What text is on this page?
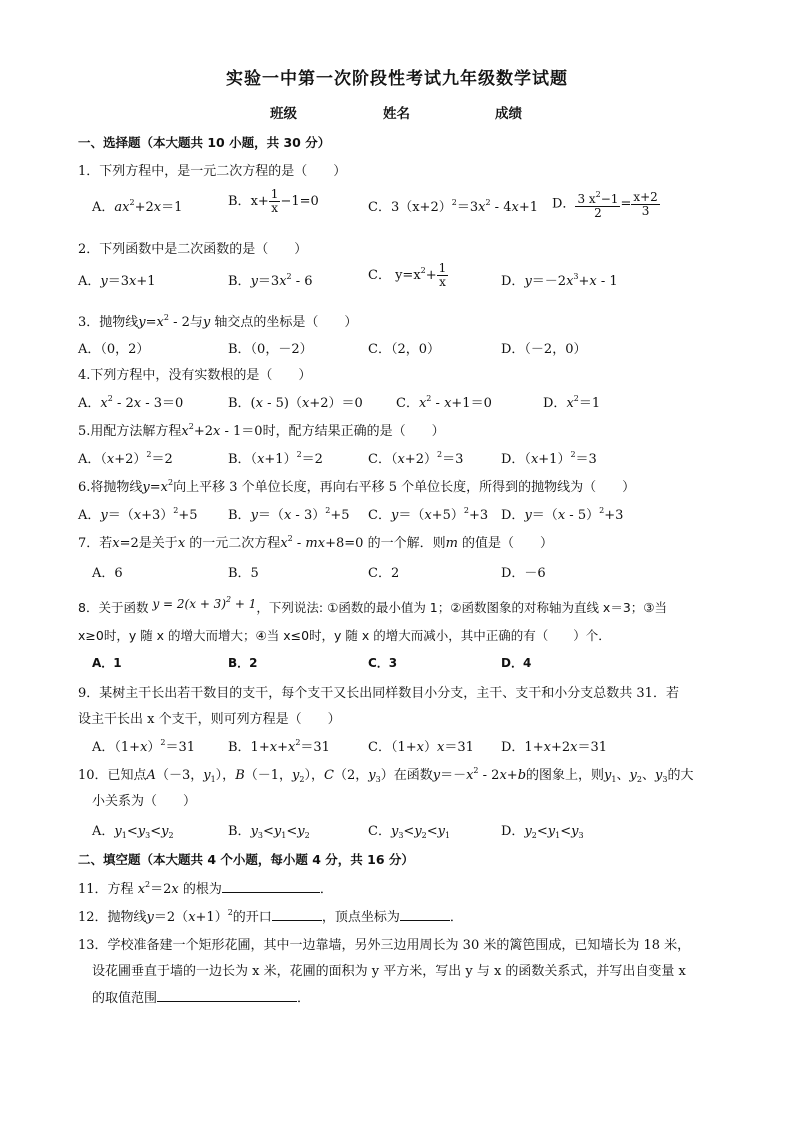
实验一中第一次阶段性考试九年级数学试题
班级	姓名	成绩
一、选择题（本大题共 10 小题，共 30 分）
1．下列方程中，是一元二次方程的是（　　）
A．$ax^2+2x=1$	B．$x+ \frac{1}{x} -1=0$	C．$3(x+2)^2=3x^2 - 4x+1$ D． $\frac{3 x^2-1}{2} = \frac{x+2}{3}$
2．下列函数中是二次函数的是（　　）
A．y＝3x+1	B．$y=3x^2 - 6$	C． $y=x^2+ \frac{1}{x}$	D．$y=-2x^3+x - 1$
3．抛物线$y=x^2 - 2$与y 轴交点的坐标是（　　）
A．（0，2）	B．（0，－2）	C．（2，0）	D．（－2，0）
4.下列方程中，没有实数根的是（　　）
A．$x^2 - 2x - 3=0$	B．(x - 5)（x+2）＝0	C．$x^2 - x+1=0$	D．$x^2=1$
5.用配方法解方程$x^2+2x - 1=0$时，配方结果正确的是（　　）
A．$(x+2)^2=2$	B．$(x+1)^2=2$	C．$(x+2)^2=3$	D．$(x+1)^2=3$
6.将抛物线$y=x^2$向上平移 3 个单位长度，再向右平移 5 个单位长度，所得到的抛物线为（　　）
A．$y=(x+3)^2+5$ B．y＝（x - 3）$^2$+5 C．$y=(x+5)^2+3$ D．y＝（x - 5）$^2$+3
7．若x=2是关于x 的一元二次方程$x^2 - mx+8=0$ 的一个解．则m 的值是（　　）
A．6	B．5	C．2	D．－6
8．关于函数 $y = 2(x + 3)^2 + 1$，下列说法: ①函数的最小值为 1；②函数图象的对称轴为直线 x＝3；③当
x≥0时，y 随 x 的增大而增大；④当 x≤0时，y 随 x 的增大而减小，其中正确的有（　　）个．
A．1	B．2	C．3	D．4
9．某树主干长出若干数目的支干，每个支干又长出同样数目小分支，主干、支干和小分支总数共 31．若
设主干长出 x 个支干，则可列方程是（　　）
A．$(1+x)^2=31$	B．$1+x+x^2=31$	C．（1+x）x＝31 D．1+x+2x＝31
10．已知点A（－3，$y_1$），B（－1，$y_2$），C（2，$y_3$）在函数$y=-x^2 - 2x+b$的图象上，则$y_1$、$y_2$、$y_3$的大
小关系为（　　）
A．$y_1<y_3<y_2$	B．$y_3<y_1<y_2$	C．$y_3<y_2<y_1$	D．$y_2<y_1<y_3$
二、填空题（本大题共 4 个小题，每小题 4 分，共 16 分）
11．方程 $x^2=2x$ 的根为	．
12．抛物线$y=2(x+1)^2$的开口	，顶点坐标为	．
13．学校准备建一个矩形花圃，其中一边靠墙，另外三边用周长为 30 米的篱笆围成，已知墙长为 18 米，
设花圃垂直于墙的一边长为 x 米，花圃的面积为 y 平方米，写出 y 与 x 的函数关系式，并写出自变量 x
的取值范围	．
